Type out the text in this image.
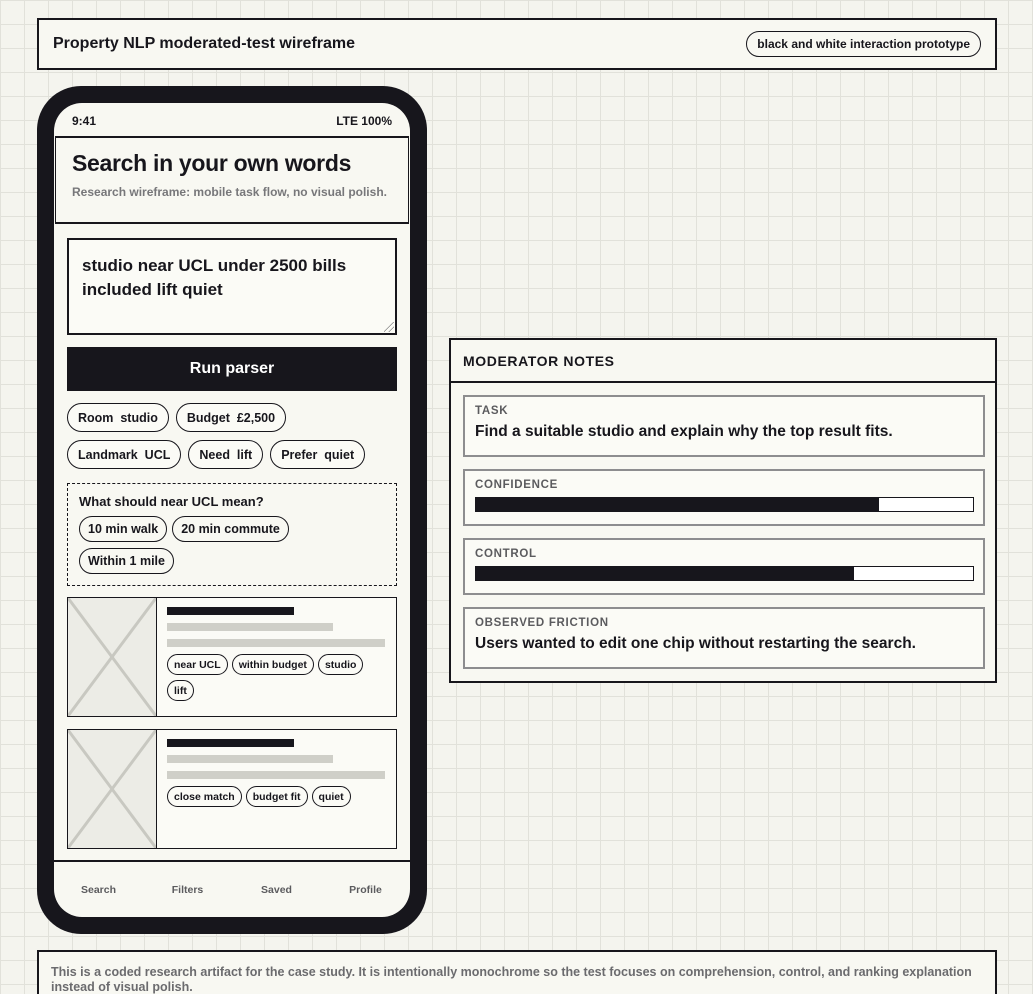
Property NLP moderated-test wireframe	black and white interaction prototype
9:41	LTE 100%
Search in your own words
Research wireframe: mobile task flow, no visual polish.
studio near UCL under 2500 bills included lift quiet
Run parser
Room  studio	Budget  £2,500
Landmark  UCL	Need  lift	Prefer  quiet
What should near UCL mean?
10 min walk	20 min commute
Within 1 mile
near UCL	within budget	studio
lift
close match	budget fit	quiet
Search	Filters	Saved	Profile
MODERATOR NOTES
TASK
Find a suitable studio and explain why the top result fits.
CONFIDENCE
CONTROL
OBSERVED FRICTION
Users wanted to edit one chip without restarting the search.
This is a coded research artifact for the case study. It is intentionally monochrome so the test focuses on comprehension, control, and ranking explanation instead of visual polish.
